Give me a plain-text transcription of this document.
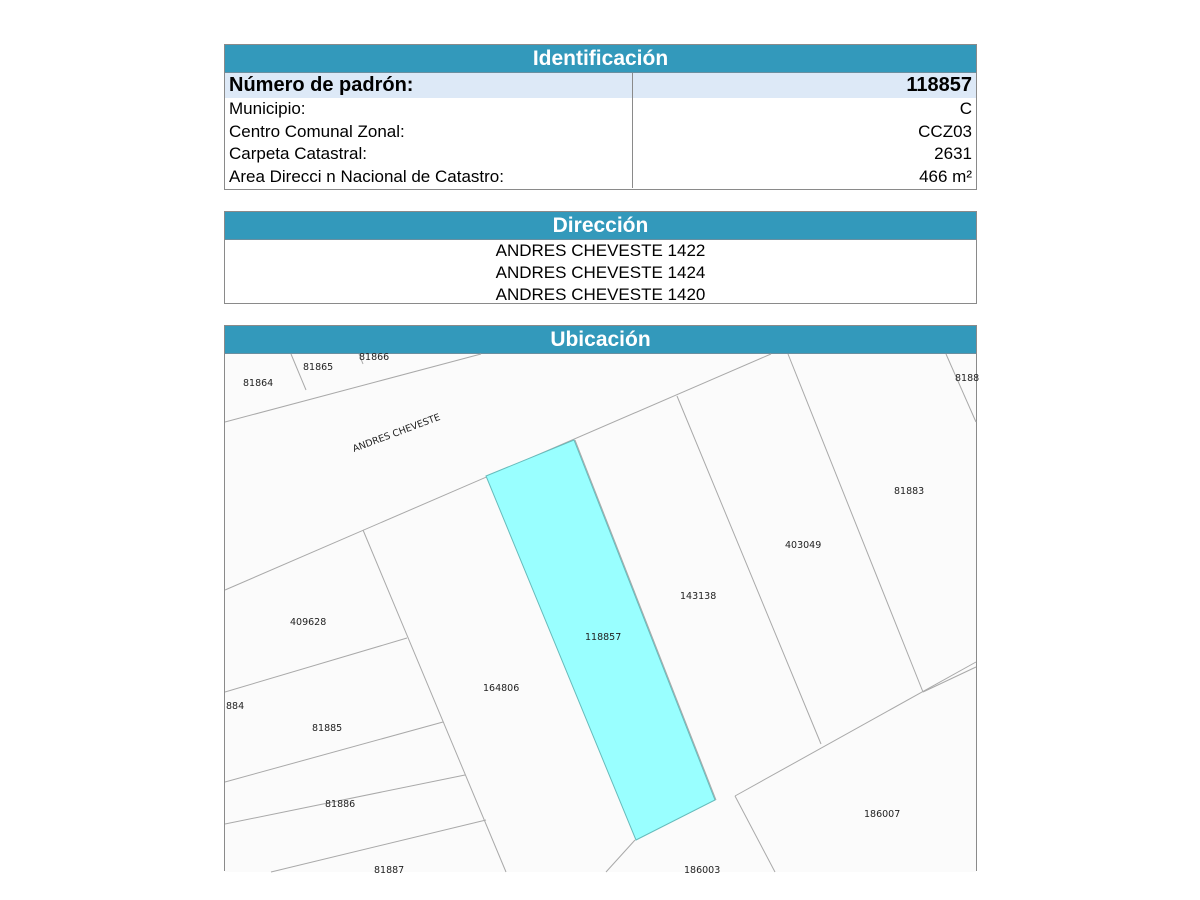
Identificación
Número de padrón:	118857
Municipio:	C
Centro Comunal Zonal:	CCZ03
Carpeta Catastral:	2631
Area Direcci n Nacional de Catastro:	466 m²
Dirección
ANDRES CHEVESTE 1422
ANDRES CHEVESTE 1424
ANDRES CHEVESTE 1420
Ubicación
ANDRES CHEVESTE
81864
81865
81866
8188
81883
403049
143138
118857
164806
409628
884
81885
81886
81887	186003
186007
